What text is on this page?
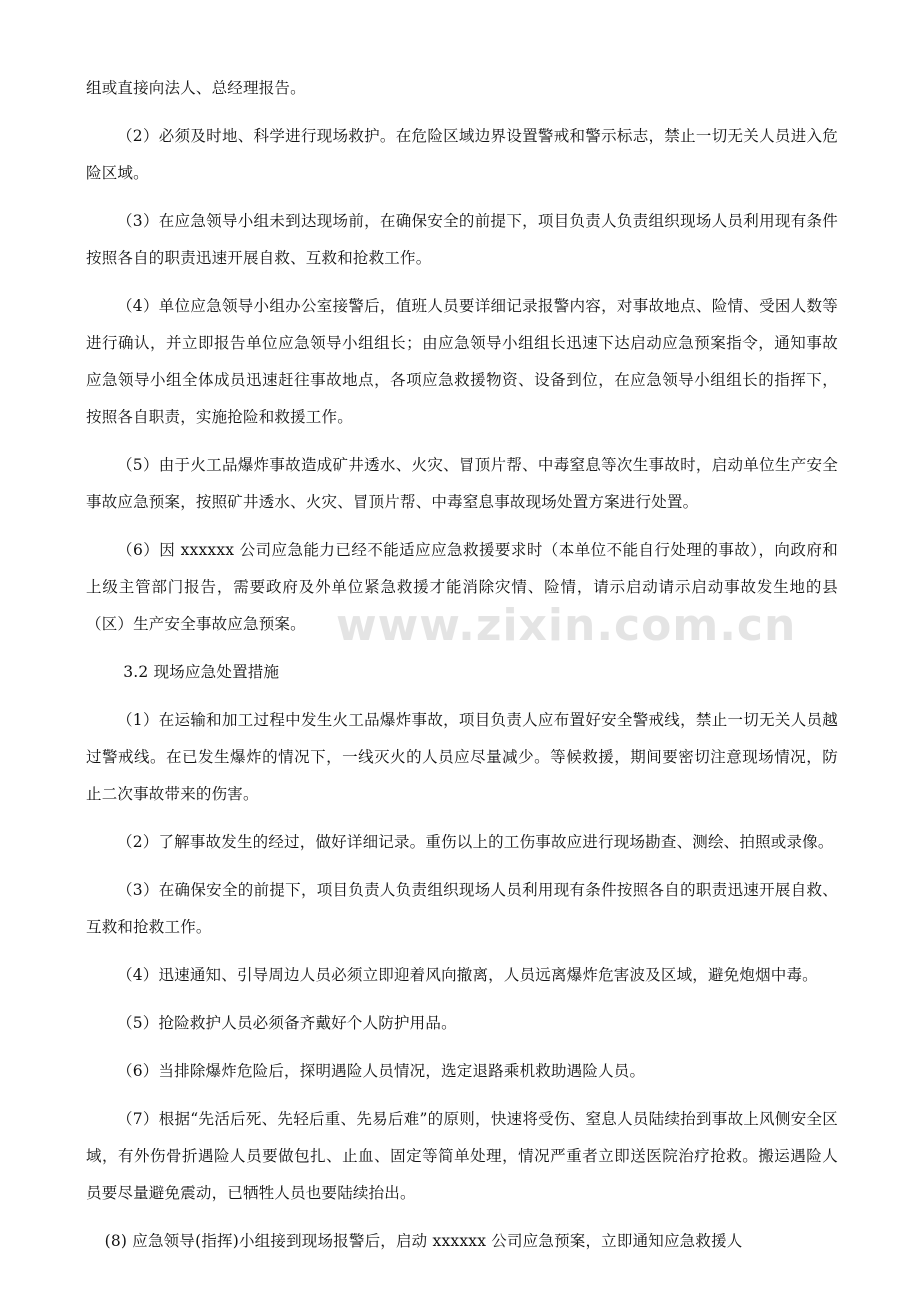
www.zixin.com.cn

组或直接向法人、总经理报告。

（2）必须及时地、科学进行现场救护。在危险区域边界设置警戒和警示标志，禁止一切无关人员进入危险区域。

（3）在应急领导小组未到达现场前，在确保安全的前提下，项目负责人负责组织现场人员利用现有条件按照各自的职责迅速开展自救、互救和抢救工作。

（4）单位应急领导小组办公室接警后，值班人员要详细记录报警内容，对事故地点、险情、受困人数等进行确认，并立即报告单位应急领导小组组长；由应急领导小组组长迅速下达启动应急预案指令，通知事故应急领导小组全体成员迅速赶往事故地点，各项应急救援物资、设备到位，在应急领导小组组长的指挥下，按照各自职责，实施抢险和救援工作。

（5）由于火工品爆炸事故造成矿井透水、火灾、冒顶片帮、中毒窒息等次生事故时，启动单位生产安全事故应急预案，按照矿井透水、火灾、冒顶片帮、中毒窒息事故现场处置方案进行处置。

（6）因 xxxxxx 公司应急能力已经不能适应应急救援要求时（本单位不能自行处理的事故），向政府和上级主管部门报告，需要政府及外单位紧急救援才能消除灾情、险情，请示启动请示启动事故发生地的县（区）生产安全事故应急预案。

3.2 现场应急处置措施

（1）在运输和加工过程中发生火工品爆炸事故，项目负责人应布置好安全警戒线，禁止一切无关人员越过警戒线。在已发生爆炸的情况下，一线灭火的人员应尽量减少。等候救援，期间要密切注意现场情况，防止二次事故带来的伤害。

（2）了解事故发生的经过，做好详细记录。重伤以上的工伤事故应进行现场勘查、测绘、拍照或录像。

（3）在确保安全的前提下，项目负责人负责组织现场人员利用现有条件按照各自的职责迅速开展自救、互救和抢救工作。

（4）迅速通知、引导周边人员必须立即迎着风向撤离，人员远离爆炸危害波及区域，避免炮烟中毒。

（5）抢险救护人员必须备齐戴好个人防护用品。

（6）当排除爆炸危险后，探明遇险人员情况，选定退路乘机救助遇险人员。

（7）根据“先活后死、先轻后重、先易后难”的原则，快速将受伤、窒息人员陆续抬到事故上风侧安全区域，有外伤骨折遇险人员要做包扎、止血、固定等简单处理，情况严重者立即送医院治疗抢救。搬运遇险人员要尽量避免震动，已牺牲人员也要陆续抬出。

(8) 应急领导(指挥)小组接到现场报警后，启动 xxxxxx 公司应急预案，立即通知应急救援人
